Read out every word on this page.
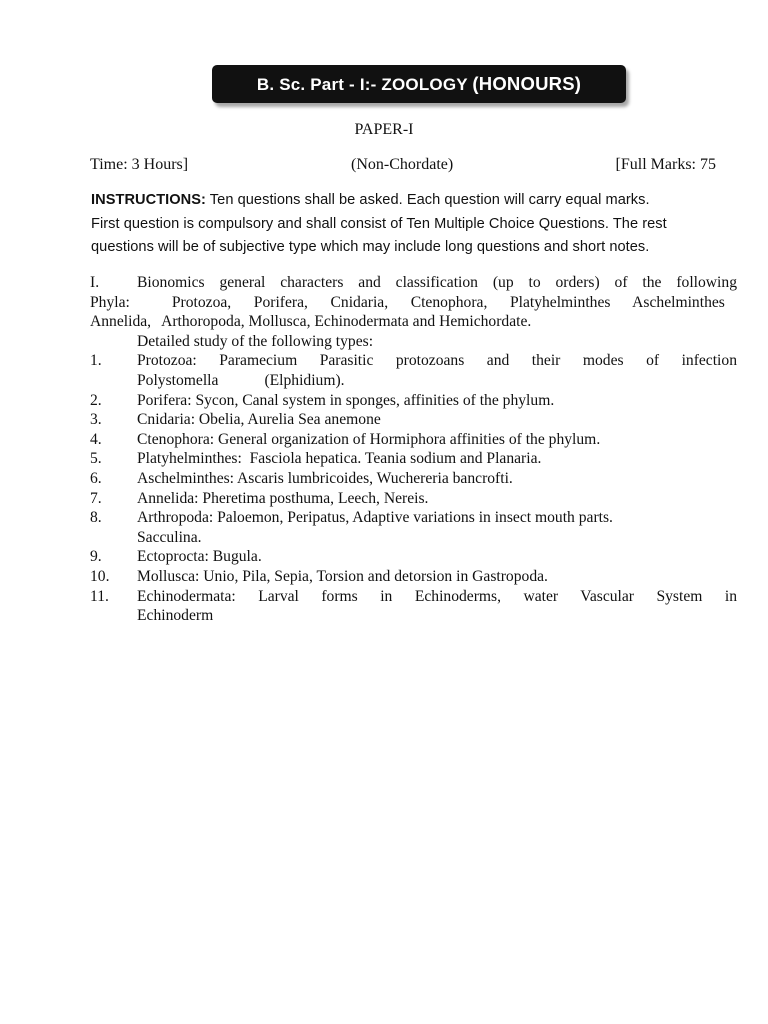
B. Sc. Part - I:- ZOOLOGY (HONOURS)
PAPER-I
Time: 3 Hours]	(Non-Chordate)	[Full Marks: 75
INSTRUCTIONS: Ten questions shall be asked. Each question will carry equal marks.
First question is compulsory and shall consist of Ten Multiple Choice Questions. The rest
questions will be of subjective type which may include long questions and short notes.
I.	Bionomics general characters and classification (up to orders) of the following
Phyla:	Protozoa, Porifera, Cnidaria, Ctenophora, Platyhelminthes Aschelminthes
Annelida, Arthoropoda, Mollusca, Echinodermata and Hemichordate.
Detailed study of the following types:
1.	Protozoa: Paramecium Parasitic protozoans and their modes of infection
Polystomella	(Elphidium).
2.	Porifera: Sycon, Canal system in sponges, affinities of the phylum.
3.	Cnidaria: Obelia, Aurelia Sea anemone
4.	Ctenophora: General organization of Hormiphora affinities of the phylum.
5.	Platyhelminthes:  Fasciola hepatica. Teania sodium and Planaria.
6.	Aschelminthes: Ascaris lumbricoides, Wuchereria bancrofti.
7.	Annelida: Pheretima posthuma, Leech, Nereis.
8.	Arthropoda: Paloemon, Peripatus, Adaptive variations in insect mouth parts.
Sacculina.
9.	Ectoprocta: Bugula.
10.	Mollusca: Unio, Pila, Sepia, Torsion and detorsion in Gastropoda.
11.	Echinodermata: Larval forms in Echinoderms, water Vascular System in
Echinoderm
